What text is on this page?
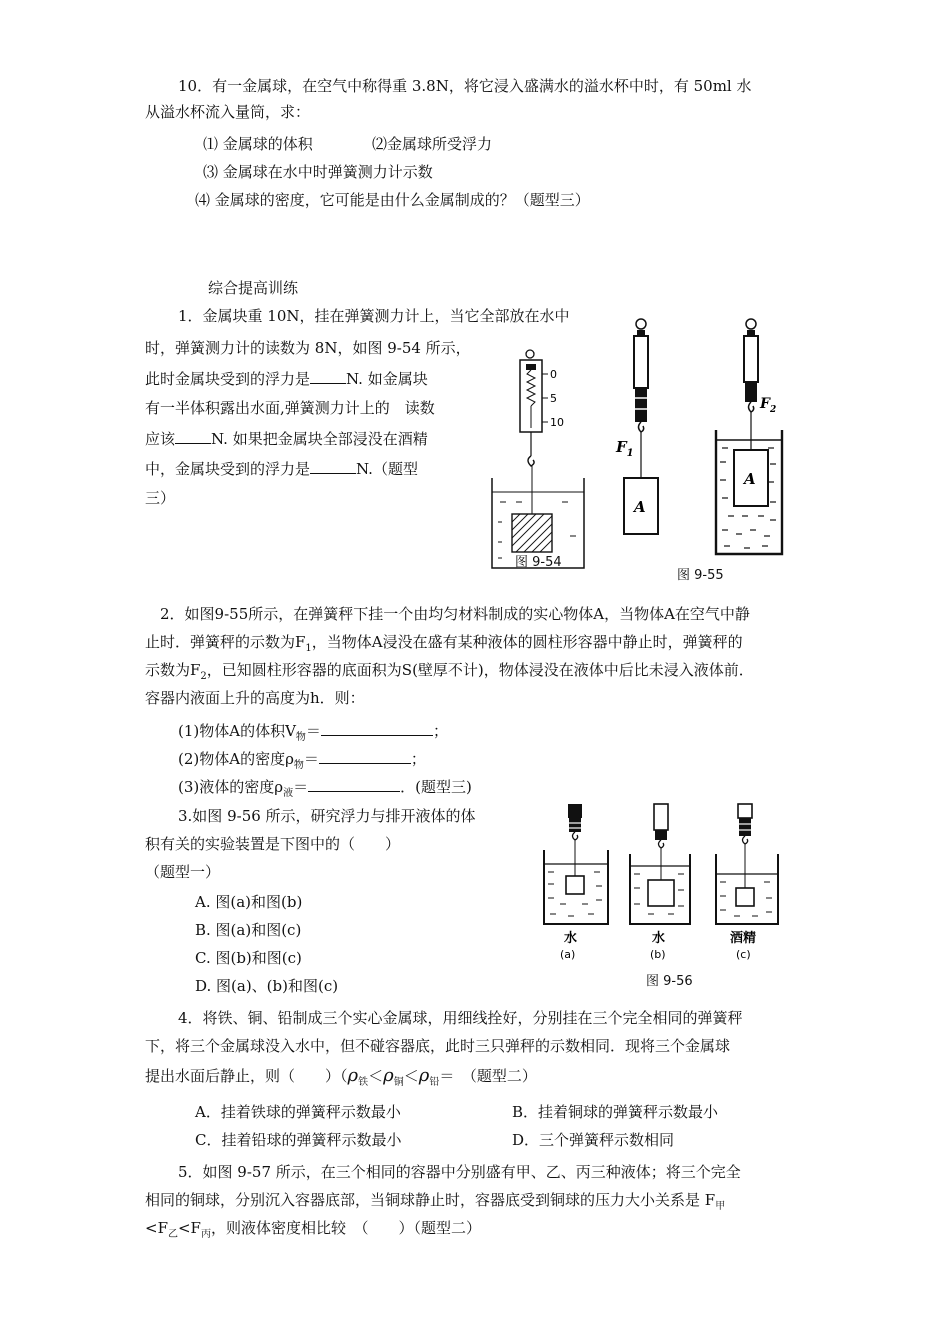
10．有一金属球，在空气中称得重 3.8N，将它浸入盛满水的溢水杯中时，有 50ml 水
从溢水杯流入量筒，求：
⑴ 金属球的体积	⑵金属球所受浮力
⑶ 金属球在水中时弹簧测力计示数
⑷ 金属球的密度，它可能是由什么金属制成的？（题型三）
综合提高训练
1．金属块重 10N，挂在弹簧测力计上，当它全部放在水中
时，弹簧测力计的读数为 8N，如图 9-54 所示，
此时金属块受到的浮力是 N. 如金属块
有一半体积露出水面,弹簧测力计上的　读数
应该 N. 如果把金属块全部浸没在酒精
中，金属块受到的浮力是	N.（题型
三）
0
5
10
图 9-54
$F_1$
A
$F_2$
A
图 9-55
2．如图9-55所示，在弹簧秤下挂一个由均匀材料制成的实心物体A，当物体A在空气中静
止时．弹簧秤的示数为$F_1$，当物体A浸没在盛有某种液体的圆柱形容器中静止时，弹簧秤的
示数为$F_2$，已知圆柱形容器的底面积为S(壁厚不计)，物体浸没在液体中后比未浸入液体前．
容器内液面上升的高度为h．则：
(1)物体A的体积$V_物=$	；
(2)物体A的密度$\rho_物=$	；
(3)液体的密度$\rho_液=$	．(题型三)
3.如图 9-56 所示，研究浮力与排开液体的体
积有关的实验装置是下图中的（　　）
（题型一）
A. 图(a)和图(b)
B. 图(a)和图(c)
C. 图(b)和图(c)
D. 图(a)、(b)和图(c)
水	水	酒精
(a)	(b)	(c)
图 9-56
4．将铁、铜、铅制成三个实心金属球，用细线拴好，分别挂在三个完全相同的弹簧秤
下，将三个金属球没入水中，但不碰容器底，此时三只弹秤的示数相同．现将三个金属球
提出水面后静止，则（　　）（$\rho_铁<\rho_铜<\rho_铅=$　 （题型二）
A．挂着铁球的弹簧秤示数最小	B．挂着铜球的弹簧秤示数最小
C．挂着铅球的弹簧秤示数最小	D．三个弹簧秤示数相同
5．如图 9-57 所示，在三个相同的容器中分别盛有甲、乙、丙三种液体；将三个完全
相同的铜球，分别沉入容器底部，当铜球静止时，容器底受到铜球的压力大小关系是 $F_甲$
$<F_乙<F_丙$，则液体密度相比较　（　　）（题型二）
